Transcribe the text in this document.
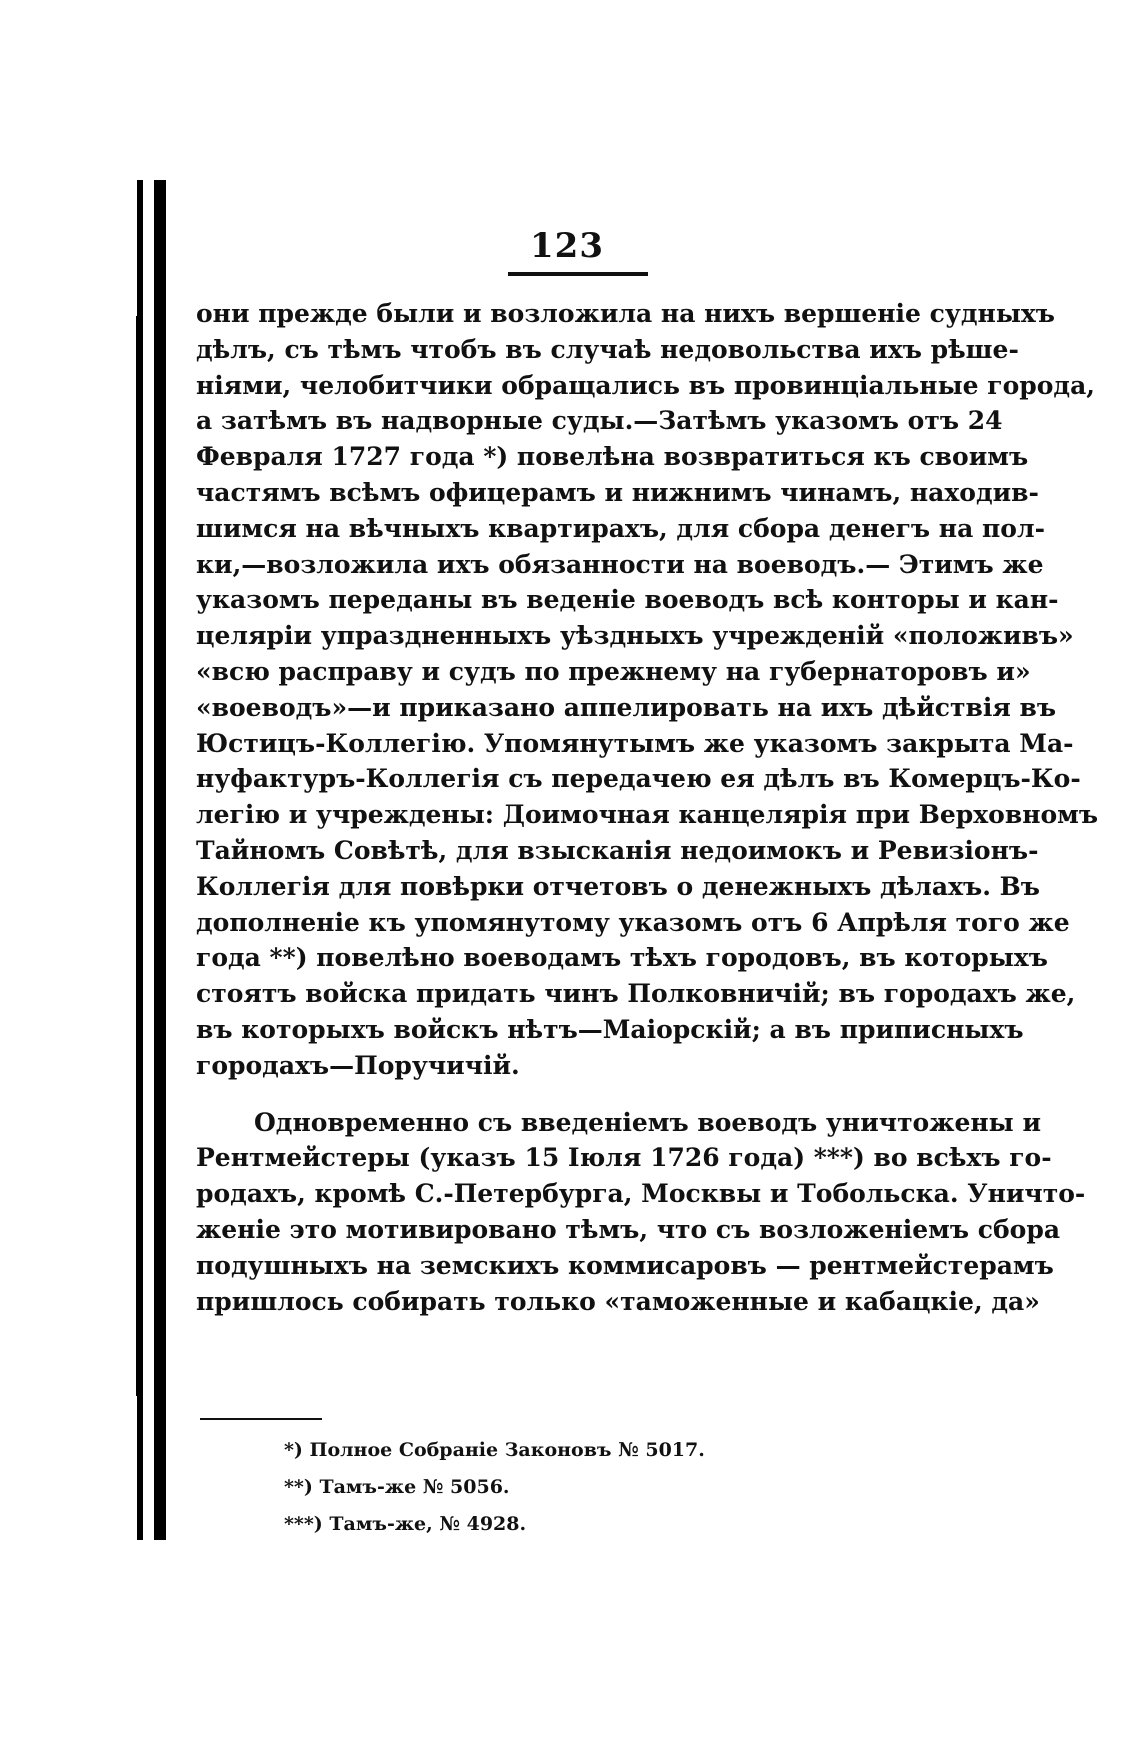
123
они прежде были и возложила на нихъ вершеніе судныхъ
дѣлъ, съ тѣмъ чтобъ въ случаѣ недовольства ихъ рѣше-
ніями, челобитчики обращались въ провинціальные города,
а затѣмъ въ надворные суды.—Затѣмъ указомъ отъ 24
Февраля 1727 года *) повелѣна возвратиться къ своимъ
частямъ всѣмъ офицерамъ и нижнимъ чинамъ, находив-
шимся на вѣчныхъ квартирахъ, для сбора денегъ на пол-
ки,—возложила ихъ обязанности на воеводъ.— Этимъ же
указомъ переданы въ веденіе воеводъ всѣ конторы и кан-
целяріи упраздненныхъ уѣздныхъ учрежденій «положивъ»
«всю расправу и судъ по прежнему на губернаторовъ и»
«воеводъ»—и приказано аппелировать на ихъ дѣйствія въ
Юстицъ-Коллегію. Упомянутымъ же указомъ закрыта Ма-
нуфактуръ-Коллегія съ передачею ея дѣлъ въ Комерцъ-Ко-
легію и учреждены: Доимочная канцелярія при Верховномъ
Тайномъ Совѣтѣ, для взысканія недоимокъ и Ревизіонъ-
Коллегія для повѣрки отчетовъ о денежныхъ дѣлахъ. Въ
дополненіе къ упомянутому указомъ отъ 6 Апрѣля того же
года **) повелѣно воеводамъ тѣхъ городовъ, въ которыхъ
стоятъ войска придать чинъ Полковничій; въ городахъ же,
въ которыхъ войскъ нѣтъ—Маіорскій; а въ приписныхъ
городахъ—Поручичій.
Одновременно съ введеніемъ воеводъ уничтожены и
Рентмейстеры (указъ 15 Іюля 1726 года) ***) во всѣхъ го-
родахъ, кромѣ С.-Петербурга, Москвы и Тобольска. Уничто-
женіе это мотивировано тѣмъ, что съ возложеніемъ сбора
подушныхъ на земскихъ коммисаровъ — рентмейстерамъ
пришлось собирать только «таможенные и кабацкіе, да»
*) Полное Собраніе Законовъ № 5017.
**) Тамъ-же № 5056.
***) Тамъ-же, № 4928.
